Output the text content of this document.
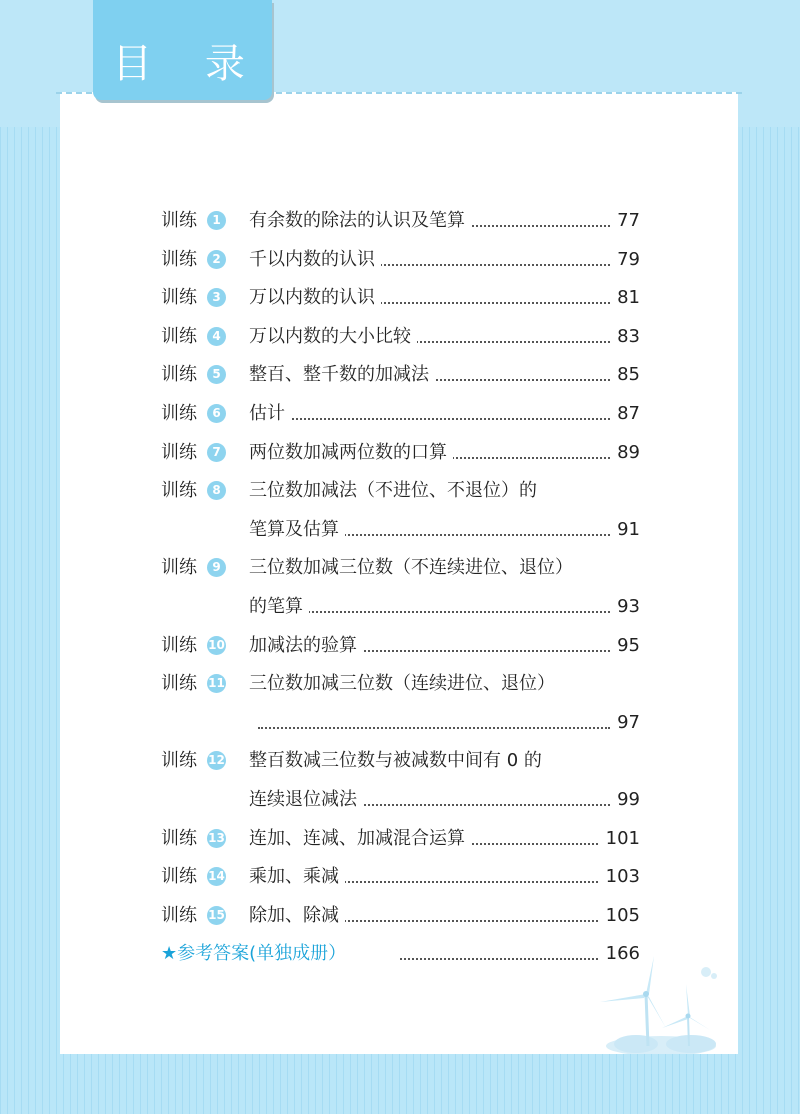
目 录
训练	1 有余数的除法的认识及笔算	77
训练	2 千以内数的认识	79
训练	3 万以内数的认识	81
训练	4 万以内数的大小比较	83
训练	5 整百、整千数的加减法	85
训练	6 估计	87
训练	7 两位数加减两位数的口算	89
训练	8 三位数加减法（不进位、不退位）的
笔算及估算	91
训练	9 三位数加减三位数（不连续进位、退位）
的笔算	93
训练 10 加减法的验算	95
训练 11 三位数加减三位数（连续进位、退位）
97
训练 12 整百数减三位数与被减数中间有 0 的
连续退位减法	99
训练 13 连加、连减、加减混合运算	101
训练 14 乘加、乘减	103
训练 15 除加、除减	105
★参考答案(单独成册）	166
